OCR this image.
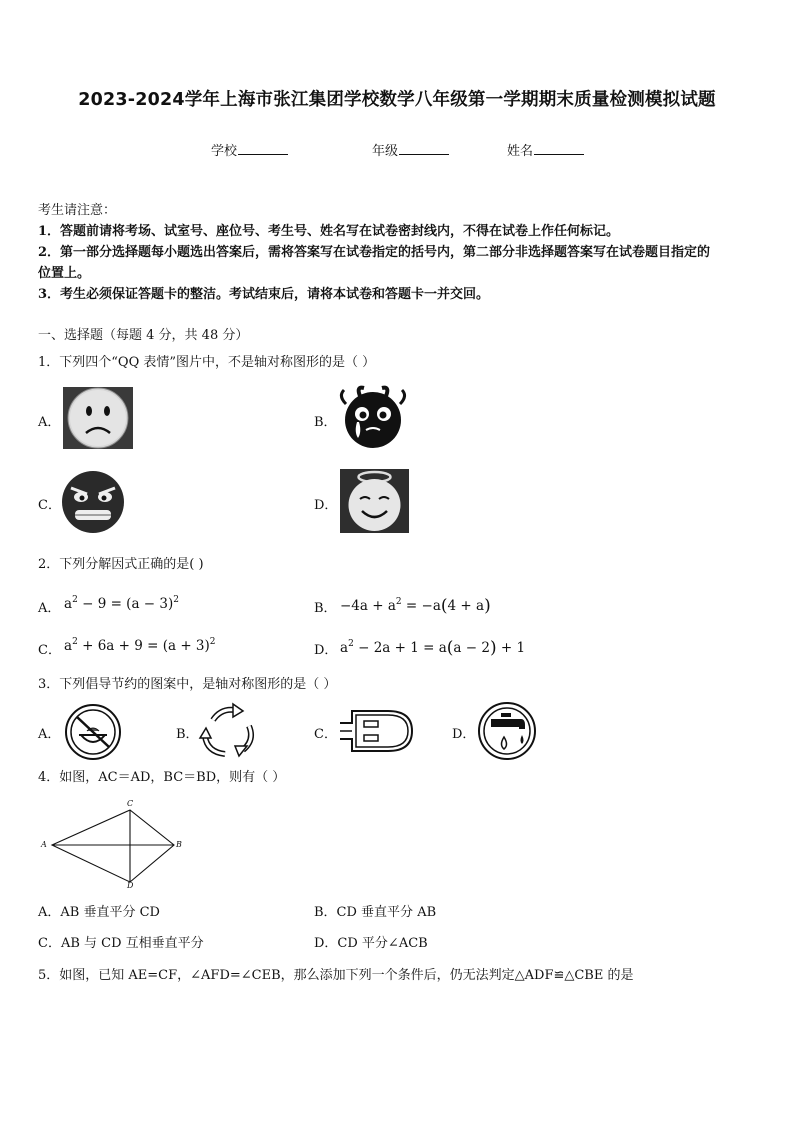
2023-2024学年上海市张江集团学校数学八年级第一学期期末质量检测模拟试题
学校	年级	姓名
考生请注意：
1．答题前请将考场、试室号、座位号、考生号、姓名写在试卷密封线内，不得在试卷上作任何标记。
2．第一部分选择题每小题选出答案后，需将答案写在试卷指定的括号内，第二部分非选择题答案写在试卷题目指定的
位置上。
3．考生必须保证答题卡的整洁。考试结束后，请将本试卷和答题卡一并交回。
一、选择题（每题 4 分，共 48 分）
1．下列四个“QQ 表情”图片中，不是轴对称图形的是（ ）
A．	B．
C．	D．
2．下列分解因式正确的是( )
A． $a^2 - 9 = (a - 3)^2$
B． $-4a + a^2 = -a(4 + a)$
C． $a^2 + 6a + 9 = (a + 3)^2$
D． $a^2 - 2a + 1 = a(a - 2) + 1$
3．下列倡导节约的图案中，是轴对称图形的是（ ）
A．	B．	C．	D．
4．如图，AC＝AD，BC＝BD，则有（ ）
A	B
C
D
A．AB 垂直平分 CD	B．CD 垂直平分 AB
C．AB 与 CD 互相垂直平分	D．CD 平分∠ACB
5．如图，已知 AE=CF，∠AFD=∠CEB，那么添加下列一个条件后，仍无法判定△ADF≌△CBE 的是
